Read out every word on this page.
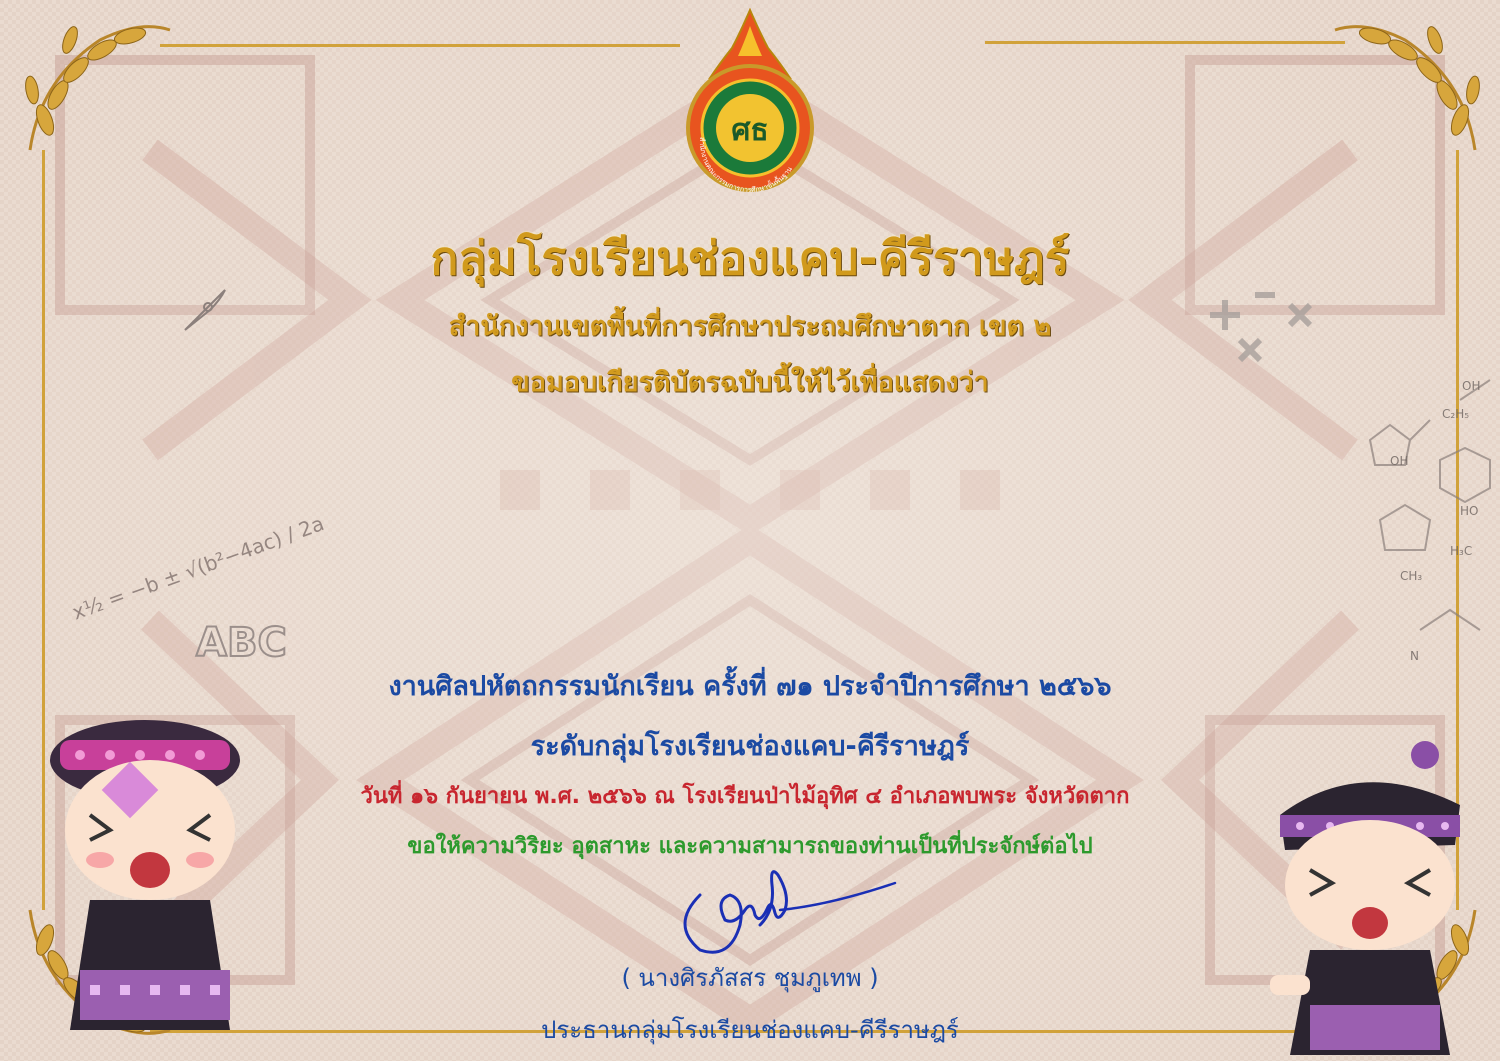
ศธ
สำนักงานคณะกรรมการการศึกษาขั้นพื้นฐาน
x½ = −b ± √(b²−4ac) / 2a
ABC
OH
C₂H₅
HO
H₃C
CH₃
N
OH
กลุ่มโรงเรียนช่องแคบ-คีรีราษฎร์
สำนักงานเขตพื้นที่การศึกษาประถมศึกษาตาก เขต ๒
ขอมอบเกียรติบัตรฉบับนี้ให้ไว้เพื่อแสดงว่า
งานศิลปหัตถกรรมนักเรียน ครั้งที่ ๗๑ ประจำปีการศึกษา ๒๕๖๖
ระดับกลุ่มโรงเรียนช่องแคบ-คีรีราษฎร์
วันที่ ๑๖ กันยายน พ.ศ. ๒๕๖๖ ณ โรงเรียนป่าไม้อุทิศ ๔ อำเภอพบพระ จังหวัดตาก
ขอให้ความวิริยะ อุตสาหะ และความสามารถของท่านเป็นที่ประจักษ์ต่อไป
( นางศิรภัสสร ชุมภูเทพ )
ประธานกลุ่มโรงเรียนช่องแคบ-คีรีราษฎร์
